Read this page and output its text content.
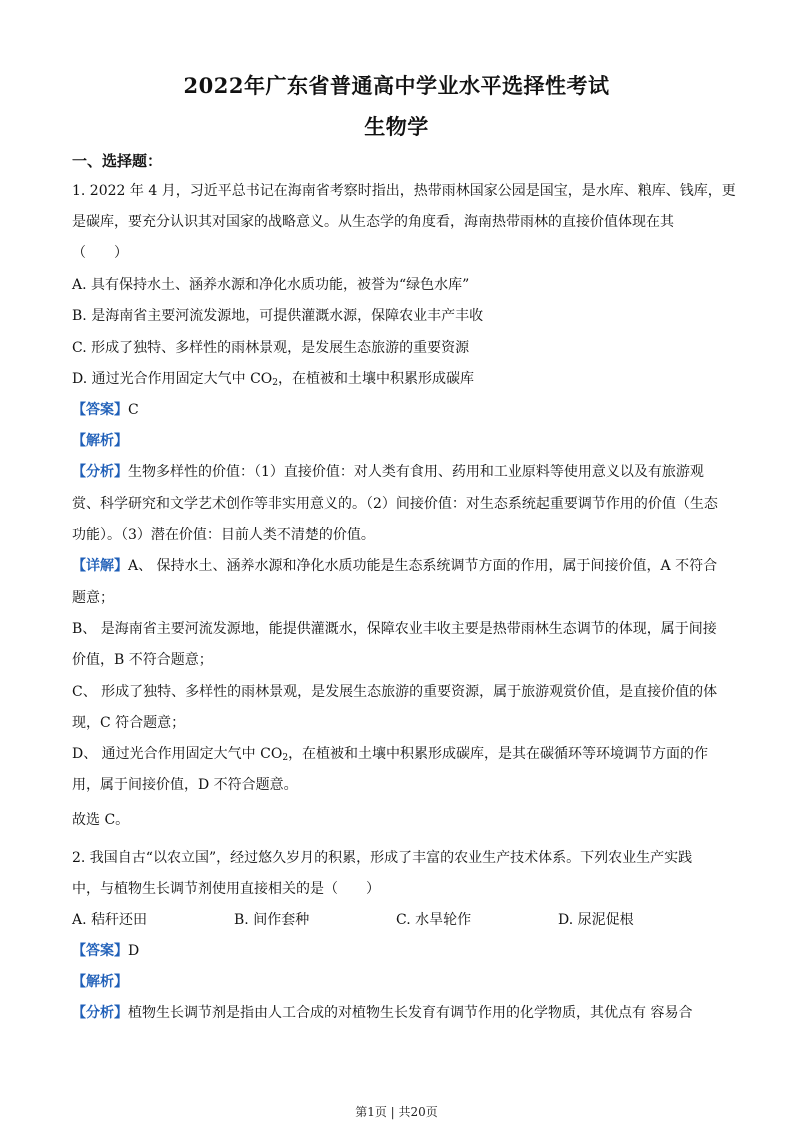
2022年广东省普通高中学业水平选择性考试
生物学
一、选择题：
1. 2022 年 4 月，习近平总书记在海南省考察时指出，热带雨林国家公园是国宝，是水库、粮库、钱库，更
是碳库，要充分认识其对国家的战略意义。从生态学的角度看，海南热带雨林的直接价值体现在其
（　　）
A. 具有保持水土、涵养水源和净化水质功能，被誉为“绿色水库”
B. 是海南省主要河流发源地，可提供灌溉水源，保障农业丰产丰收
C. 形成了独特、多样性的雨林景观，是发展生态旅游的重要资源
D. 通过光合作用固定大气中 $CO_2$，在植被和土壤中积累形成碳库
【答案】C
【解析】
【分析】生物多样性的价值：（1）直接价值：对人类有食用、药用和工业原料等使用意义以及有旅游观
赏、科学研究和文学艺术创作等非实用意义的。（2）间接价值：对生态系统起重要调节作用的价值（生态
功能）。（3）潜在价值：目前人类不清楚的价值。
【详解】A、 保持水土、涵养水源和净化水质功能是生态系统调节方面的作用，属于间接价值，A 不符合
题意；
B、 是海南省主要河流发源地，能提供灌溉水，保障农业丰收主要是热带雨林生态调节的体现，属于间接
价值，B 不符合题意；
C、 形成了独特、多样性的雨林景观，是发展生态旅游的重要资源，属于旅游观赏价值，是直接价值的体
现，C 符合题意；
D、 通过光合作用固定大气中 $CO_2$，在植被和土壤中积累形成碳库，是其在碳循环等环境调节方面的作
用，属于间接价值，D 不符合题意。
故选 C。
2. 我国自古“以农立国”，经过悠久岁月的积累，形成了丰富的农业生产技术体系。下列农业生产实践
中，与植物生长调节剂使用直接相关的是（　　）
A. 秸秆还田	B. 间作套种	C. 水旱轮作	D. 尿泥促根
【答案】D
【解析】
【分析】植物生长调节剂是指由人工合成的对植物生长发育有调节作用的化学物质，其优点有 容易合
第1页 | 共20页
